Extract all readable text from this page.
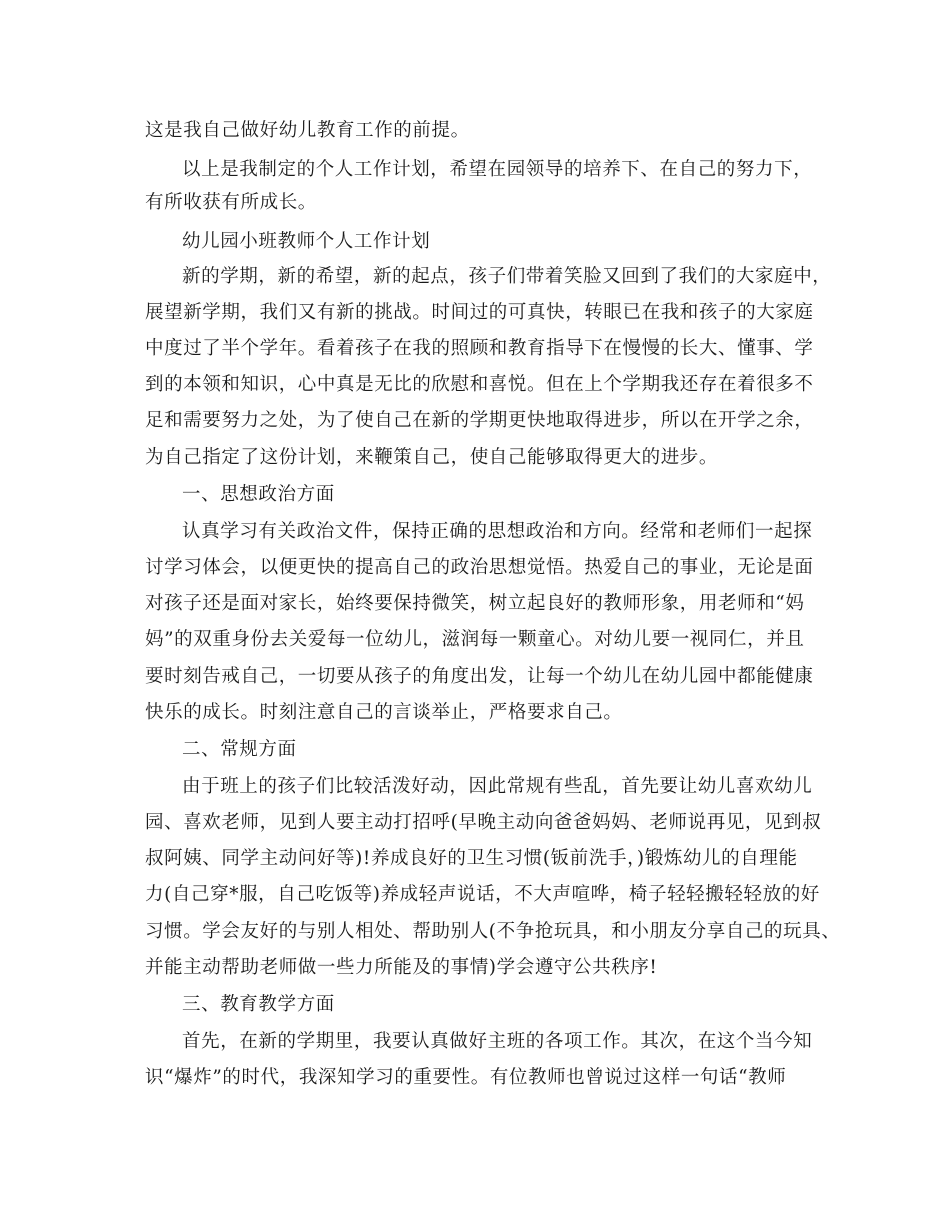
这是我自己做好幼儿教育工作的前提。
以上是我制定的个人工作计划，希望在园领导的培养下、在自己的努力下，
有所收获有所成长。
幼儿园小班教师个人工作计划
新的学期，新的希望，新的起点，孩子们带着笑脸又回到了我们的大家庭中，
展望新学期，我们又有新的挑战。时间过的可真快，转眼已在我和孩子的大家庭
中度过了半个学年。看着孩子在我的照顾和教育指导下在慢慢的长大、懂事、学
到的本领和知识，心中真是无比的欣慰和喜悦。但在上个学期我还存在着很多不
足和需要努力之处，为了使自己在新的学期更快地取得进步，所以在开学之余，
为自己指定了这份计划，来鞭策自己，使自己能够取得更大的进步。
一、思想政治方面
认真学习有关政治文件，保持正确的思想政治和方向。经常和老师们一起探
讨学习体会，以便更快的提高自己的政治思想觉悟。热爱自己的事业，无论是面
对孩子还是面对家长，始终要保持微笑，树立起良好的教师形象，用老师和“妈
妈”的双重身份去关爱每一位幼儿，滋润每一颗童心。对幼儿要一视同仁，并且
要时刻告戒自己，一切要从孩子的角度出发，让每一个幼儿在幼儿园中都能健康
快乐的成长。时刻注意自己的言谈举止，严格要求自己。
二、常规方面
由于班上的孩子们比较活泼好动，因此常规有些乱，首先要让幼儿喜欢幼儿
园、喜欢老师，见到人要主动打招呼(早晚主动向爸爸妈妈、老师说再见，见到叔
叔阿姨、同学主动问好等)!养成良好的卫生习惯(钣前洗手，)锻炼幼儿的自理能
力(自己穿*服，自己吃饭等)养成轻声说话，不大声喧哗，椅子轻轻搬轻轻放的好
习惯。学会友好的与别人相处、帮助别人(不争抢玩具，和小朋友分享自己的玩具、
并能主动帮助老师做一些力所能及的事情)学会遵守公共秩序!
三、教育教学方面
首先，在新的学期里，我要认真做好主班的各项工作。其次，在这个当今知
识“爆炸”的时代，我深知学习的重要性。有位教师也曾说过这样一句话“教师
